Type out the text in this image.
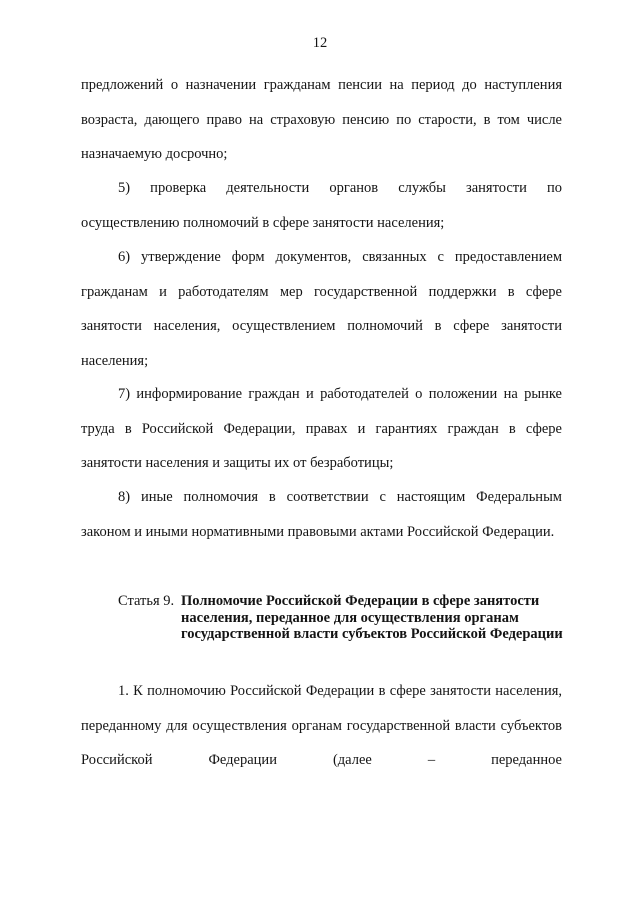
12

предложений о назначении гражданам пенсии на период до наступления возраста, дающего право на страховую пенсию по старости, в том числе назначаемую досрочно;

5) проверка деятельности органов службы занятости по осуществлению полномочий в сфере занятости населения;

6) утверждение форм документов, связанных с предоставлением гражданам и работодателям мер государственной поддержки в сфере занятости населения, осуществлением полномочий в сфере занятости населения;

7) информирование граждан и работодателей о положении на рынке труда в Российской Федерации, правах и гарантиях граждан в сфере занятости населения и защиты их от безработицы;

8) иные полномочия в соответствии с настоящим Федеральным законом и иными нормативными правовыми актами Российской Федерации.

Статья 9. Полномочие Российской Федерации в сфере занятости населения, переданное для осуществления органам государственной власти субъектов Российской Федерации

1. К полномочию Российской Федерации в сфере занятости населения, переданному для осуществления органам государственной власти субъектов Российской Федерации (далее – переданное
